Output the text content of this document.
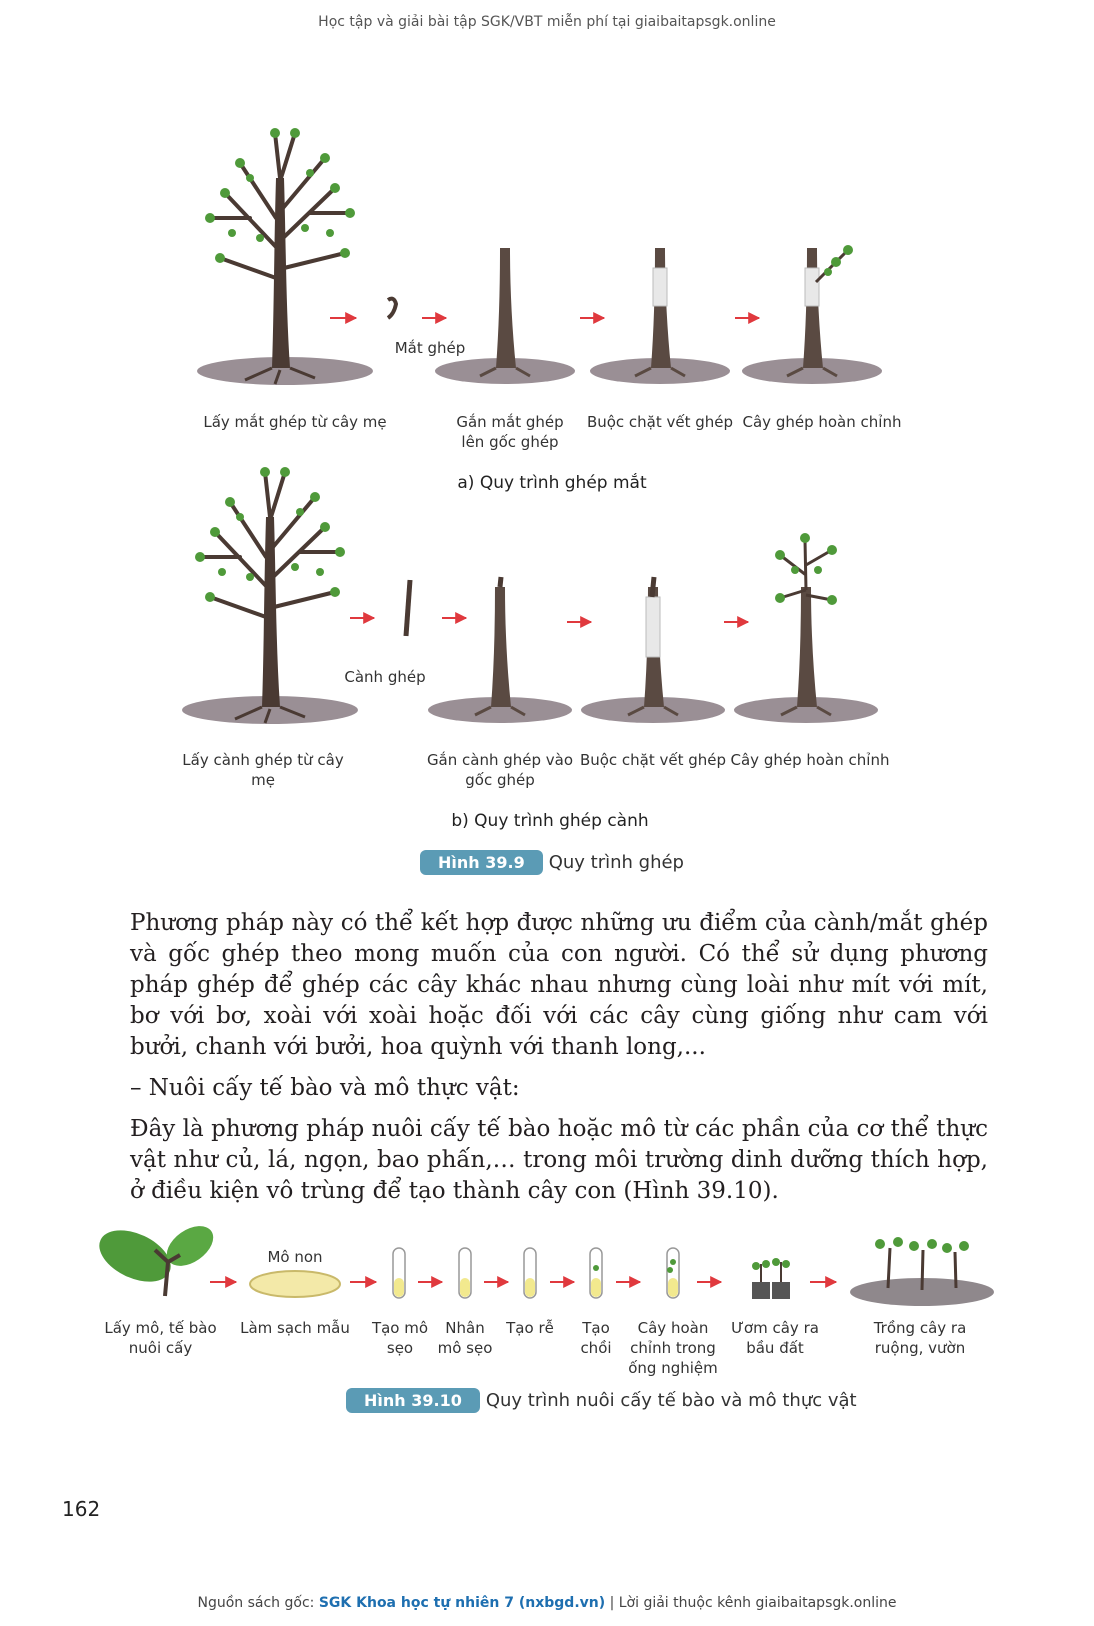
Học tập và giải bài tập SGK/VBT miễn phí tại giaibaitapsgk.online
Mắt ghép
Lấy mắt ghép từ cây mẹ	Gắn mắt ghép
lên gốc ghép
Buộc chặt vết ghép Cây ghép hoàn chỉnh
a) Quy trình ghép mắt
Cành ghép
Lấy cành ghép từ cây mẹ
Gắn cành ghép vào
gốc ghép
Buộc chặt vết ghép Cây ghép hoàn chỉnh
b) Quy trình ghép cành
Hình 39.9	Quy trình ghép
Phương pháp này có thể kết hợp được những ưu điểm của cành/mắt ghép và gốc ghép theo mong muốn của con người. Có thể sử dụng phương pháp ghép để ghép các cây khác nhau nhưng cùng loài như mít với mít, bơ với bơ, xoài với xoài hoặc đối với các cây cùng giống như cam với bưởi, chanh với bưởi, hoa quỳnh với thanh long,...
– Nuôi cấy tế bào và mô thực vật:
Đây là phương pháp nuôi cấy tế bào hoặc mô từ các phần của cơ thể thực vật như củ, lá, ngọn, bao phấn,… trong môi trường dinh dưỡng thích hợp, ở điều kiện vô trùng để tạo thành cây con (Hình 39.10).
Mô non
Lấy mô, tế bào
nuôi cấy
Làm sạch mẫu	Tạo mô
sẹo
Nhân
mô sẹo
Tạo rễ	Tạo
chồi
Cây hoàn
chỉnh trong
ống nghiệm
Ươm cây ra
bầu đất
Trồng cây ra
ruộng, vườn
Hình 39.10	Quy trình nuôi cấy tế bào và mô thực vật
162
Nguồn sách gốc: SGK Khoa học tự nhiên 7 (nxbgd.vn) | Lời giải thuộc kênh giaibaitapsgk.online
